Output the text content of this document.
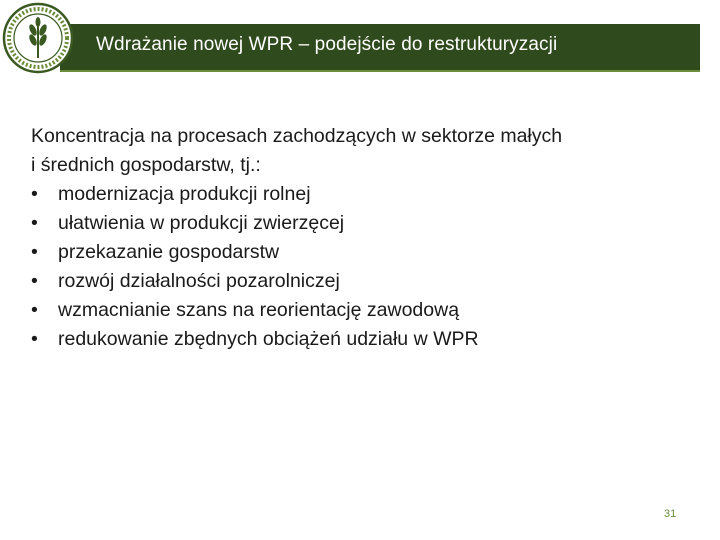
Wdrażanie nowej WPR – podejście do restrukturyzacji
Koncentracja na procesach zachodzących w sektorze małych
i średnich gospodarstw, tj.:
• modernizacja produkcji rolnej
• ułatwienia w produkcji zwierzęcej
• przekazanie gospodarstw
• rozwój działalności pozarolniczej
• wzmacnianie szans na reorientację zawodową
• redukowanie zbędnych obciążeń udziału w WPR
31
